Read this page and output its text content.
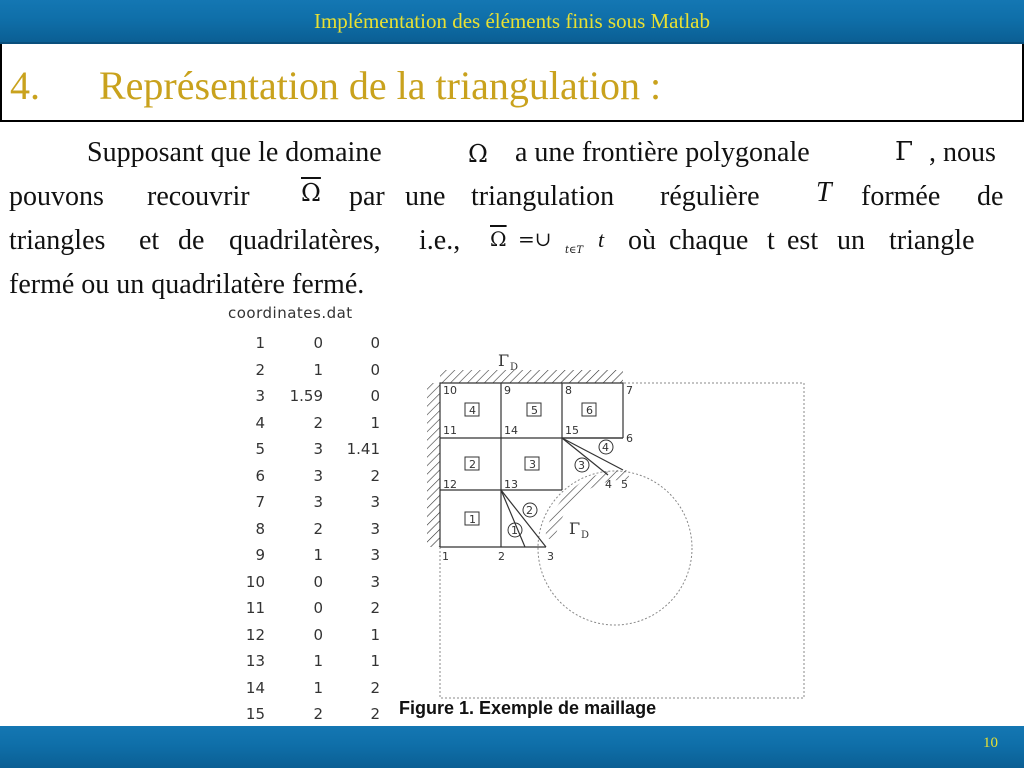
Implémentation des éléments finis sous Matlab
4. Représentation de la triangulation :
Supposant que le domaine	Ω a une frontière polygonale	Γ , nous
pouvons recouvrir $\overline{\Omega}$ par une triangulation régulière T formée de
triangles et de quadrilatères, i.e., $\overline{\Omega}$ =∪ t∈T t où chaque t est un triangle
fermé ou un quadrilatère fermé.
coordinates.dat
1	0	0
2	1	0
3	1.59	0
4	2	1
5	3	1.41
6	3	2
7	3	3
8	2	3
9	1	3
10	0	3
11	0	2
12	0	1
13	1	1
14	1	2
15	2	2
1
2	3
4	5	6
1
2
3
4
1	2	3
4 5
6
7
8
9
10
11
12	13
14	15
Γ D
Γ D
Figure 1. Exemple de maillage
10
